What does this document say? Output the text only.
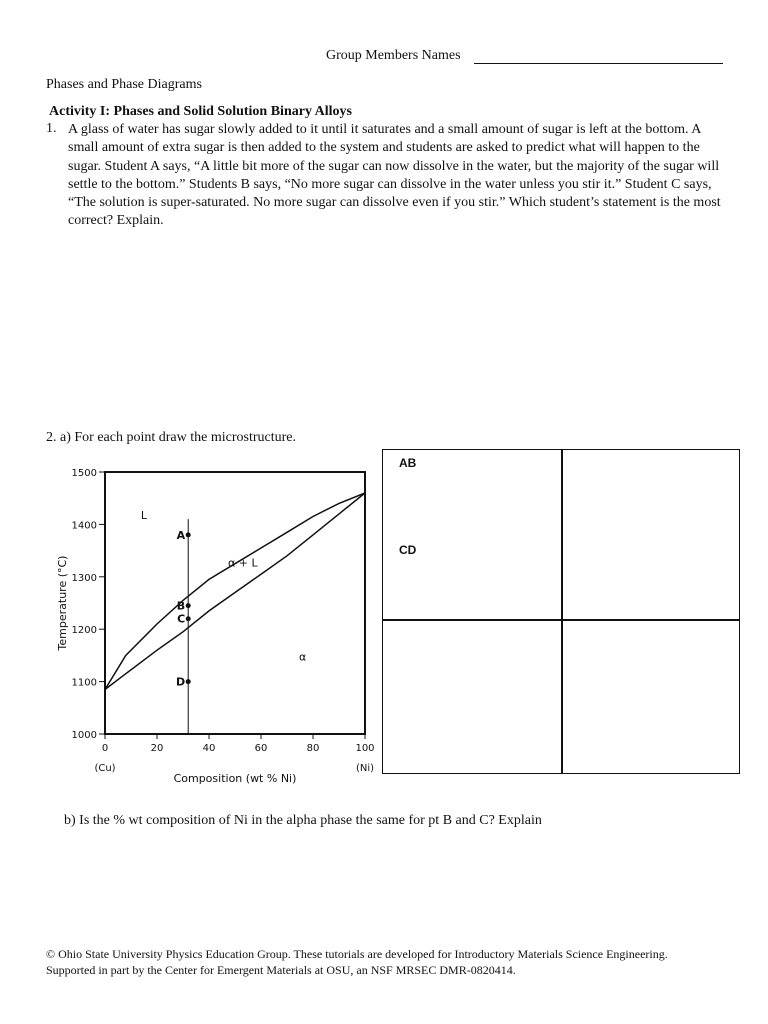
Group Members Names
Phases and Phase Diagrams
Activity I: Phases and Solid Solution Binary Alloys
1. A glass of water has sugar slowly added to it until it saturates and a small amount of sugar is left at the bottom. A small amount of extra sugar is then added to the system and students are asked to predict what will happen to the sugar. Student A says, “A little bit more of the sugar can now dissolve in the water, but the majority of the sugar will settle to the bottom.” Students B says, “No more sugar can dissolve in the water unless you stir it.” Student C says, “The solution is super-saturated. No more sugar can dissolve even if you stir.” Which student’s statement is the most correct? Explain.
2. a) For each point draw the microstructure.
1000
1100
1200
1300
1400
1500
0	20	40	60	80	100
(Cu)	(Ni)
Composition (wt % Ni)
Temperature (°C)
L
α + L
α
A
B
C
D
AB
CD
b) Is the % wt composition of Ni in the alpha phase the same for pt B and C? Explain
© Ohio State University Physics Education Group. These tutorials are developed for Introductory Materials Science Engineering.
Supported in part by the Center for Emergent Materials at OSU, an NSF MRSEC DMR-0820414.
